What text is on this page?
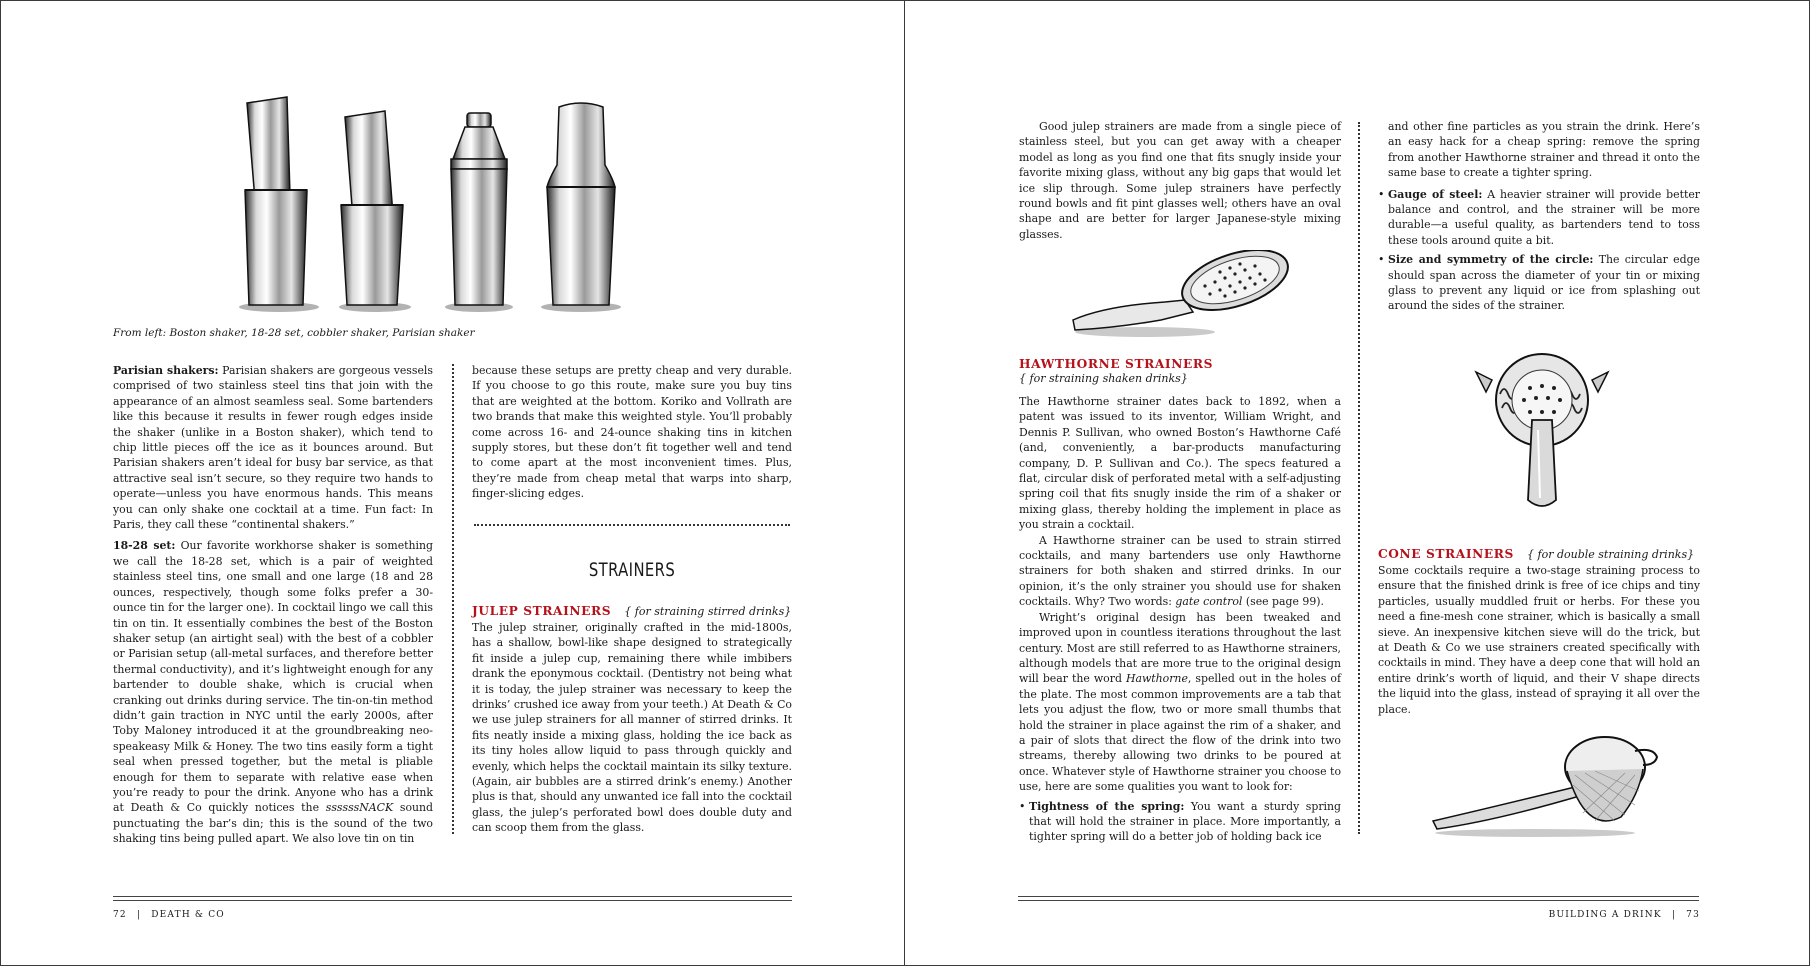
From left: Boston shaker, 18-28 set, cobbler shaker, Parisian shaker

Parisian shakers: Parisian shakers are gorgeous vessels comprised of two stainless steel tins that join with the appearance of an almost seamless seal. Some bartenders like this because it results in fewer rough edges inside the shaker (unlike in a Boston shaker), which tend to chip little pieces off the ice as it bounces around. But Parisian shakers aren’t ideal for busy bar service, as that attractive seal isn’t secure, so they require two hands to operate—unless you have enormous hands. This means you can only shake one cocktail at a time. Fun fact: In Paris, they call these “continental shakers.”

18-28 set: Our favorite workhorse shaker is something we call the 18-28 set, which is a pair of weighted stainless steel tins, one small and one large (18 and 28 ounces, respectively, though some folks prefer a 30-ounce tin for the larger one). In cocktail lingo we call this tin on tin. It essentially combines the best of the Boston shaker setup (an airtight seal) with the best of a cobbler or Parisian setup (all-metal surfaces, and therefore better thermal conductivity), and it’s lightweight enough for any bartender to double shake, which is crucial when cranking out drinks during service. The tin-on-tin method didn’t gain traction in NYC until the early 2000s, after Toby Maloney introduced it at the groundbreaking neo-speakeasy Milk & Honey. The two tins easily form a tight seal when pressed together, but the metal is pliable enough for them to separate with relative ease when you’re ready to pour the drink. Anyone who has a drink at Death & Co quickly notices the ssssssNACK sound punctuating the bar’s din; this is the sound of the two shaking tins being pulled apart. We also love tin on tin

because these setups are pretty cheap and very durable. If you choose to go this route, make sure you buy tins that are weighted at the bottom. Koriko and Vollrath are two brands that make this weighted style. You’ll probably come across 16- and 24-ounce shaking tins in kitchen supply stores, but these don’t fit together well and tend to come apart at the most inconvenient times. Plus, they’re made from cheap metal that warps into sharp, finger-slicing edges.

STRAINERS
JULEP STRAINERS { for straining stirred drinks}

The julep strainer, originally crafted in the mid-1800s, has a shallow, bowl-like shape designed to strategically fit inside a julep cup, remaining there while imbibers drank the eponymous cocktail. (Dentistry not being what it is today, the julep strainer was necessary to keep the drinks’ crushed ice away from your teeth.) At Death & Co we use julep strainers for all manner of stirred drinks. It fits neatly inside a mixing glass, holding the ice back as its tiny holes allow liquid to pass through quickly and evenly, which helps the cocktail maintain its silky texture. (Again, air bubbles are a stirred drink’s enemy.) Another plus is that, should any unwanted ice fall into the cocktail glass, the julep’s perforated bowl does double duty and can scoop them from the glass.

72 | DEATH & CO

Good julep strainers are made from a single piece of stainless steel, but you can get away with a cheaper model as long as you find one that fits snugly inside your favorite mixing glass, without any big gaps that would let ice slip through. Some julep strainers have perfectly round bowls and fit pint glasses well; others have an oval shape and are better for larger Japanese-style mixing glasses.

HAWTHORNE STRAINERS
{ for straining shaken drinks}

The Hawthorne strainer dates back to 1892, when a patent was issued to its inventor, William Wright, and Dennis P. Sullivan, who owned Boston’s Hawthorne Café (and, conveniently, a bar-products manufacturing company, D. P. Sullivan and Co.). The specs featured a flat, circular disk of perforated metal with a self-adjusting spring coil that fits snugly inside the rim of a shaker or mixing glass, thereby holding the implement in place as you strain a cocktail.

A Hawthorne strainer can be used to strain stirred cocktails, and many bartenders use only Hawthorne strainers for both shaken and stirred drinks. In our opinion, it’s the only strainer you should use for shaken cocktails. Why? Two words: gate control (see page 99).

Wright’s original design has been tweaked and improved upon in countless iterations throughout the last century. Most are still referred to as Hawthorne strainers, although models that are more true to the original design will bear the word Hawthorne, spelled out in the holes of the plate. The most common improvements are a tab that lets you adjust the flow, two or more small thumbs that hold the strainer in place against the rim of a shaker, and a pair of slots that direct the flow of the drink into two streams, thereby allowing two drinks to be poured at once. Whatever style of Hawthorne strainer you choose to use, here are some qualities you want to look for:

• Tightness of the spring: You want a sturdy spring that will hold the strainer in place. More importantly, a tighter spring will do a better job of holding back ice

and other fine particles as you strain the drink. Here’s an easy hack for a cheap spring: remove the spring from another Hawthorne strainer and thread it onto the same base to create a tighter spring.

• Gauge of steel: A heavier strainer will provide better balance and control, and the strainer will be more durable—a useful quality, as bartenders tend to toss these tools around quite a bit.
• Size and symmetry of the circle: The circular edge should span across the diameter of your tin or mixing glass to prevent any liquid or ice from splashing out around the sides of the strainer.
CONE STRAINERS { for double straining drinks}

Some cocktails require a two-stage straining process to ensure that the finished drink is free of ice chips and tiny particles, usually muddled fruit or herbs. For these you need a fine-mesh cone strainer, which is basically a small sieve. An inexpensive kitchen sieve will do the trick, but at Death & Co we use strainers created specifically with cocktails in mind. They have a deep cone that will hold an entire drink’s worth of liquid, and their V shape directs the liquid into the glass, instead of spraying it all over the place.

BUILDING A DRINK | 73
